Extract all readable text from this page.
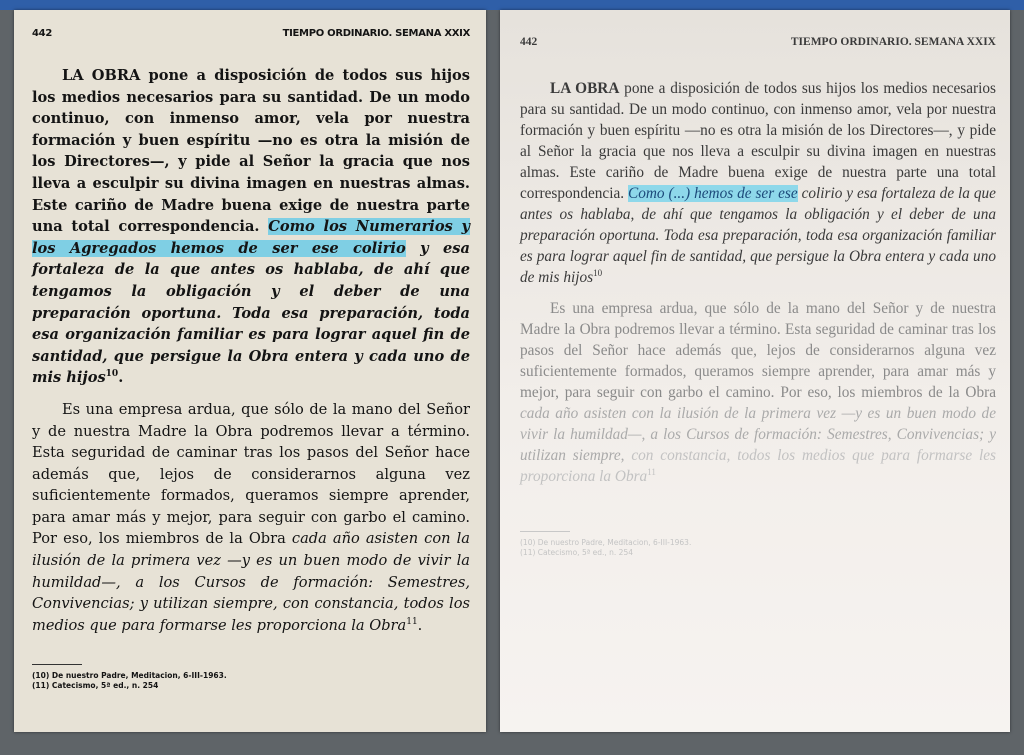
442	TIEMPO ORDINARIO. SEMANA XXIX

LA OBRA pone a disposición de todos sus hijos los medios necesarios para su santidad. De un modo continuo, con inmenso amor, vela por nuestra formación y buen espíritu —no es otra la misión de los Directores—, y pide al Señor la gracia que nos lleva a esculpir su divina imagen en nuestras almas. Este cariño de Madre buena exige de nuestra parte una total correspondencia. Como los Numerarios y los Agregados hemos de ser ese colirio y esa fortaleza de la que antes os hablaba, de ahí que tengamos la obligación y el deber de una preparación oportuna. Toda esa preparación, toda esa organización familiar es para lograr aquel fin de santidad, que persigue la Obra entera y cada uno de mis hijos$^{10}$.

Es una empresa ardua, que sólo de la mano del Señor y de nuestra Madre la Obra podremos llevar a término. Esta seguridad de caminar tras los pasos del Señor hace además que, lejos de considerarnos alguna vez suficientemente formados, queramos siempre aprender, para amar más y mejor, para seguir con garbo el camino. Por eso, los miembros de la Obra cada año asisten con la ilusión de la primera vez —y es un buen modo de vivir la humildad—, a los Cursos de formación: Semestres, Convivencias; y utilizan siempre, con constancia, todos los medios que para formarse les proporciona la Obra$^{11}$.

(10) De nuestro Padre, Meditacion, 6-III-1963.
(11) Catecismo, 5ª ed., n. 254
442	TIEMPO ORDINARIO. SEMANA XXIX

LA OBRA pone a disposición de todos sus hijos los medios necesarios para su santidad. De un modo continuo, con inmenso amor, vela por nuestra formación y buen espíritu —no es otra la misión de los Directores—, y pide al Señor la gracia que nos lleva a esculpir su divina imagen en nuestras almas. Este cariño de Madre buena exige de nuestra parte una total correspondencia. Como (...) hemos de ser ese colirio y esa fortaleza de la que antes os hablaba, de ahí que tengamos la obligación y el deber de una preparación oportuna. Toda esa preparación, toda esa organización familiar es para lograr aquel fin de santidad, que persigue la Obra entera y cada uno de mis hijos$^{10}$

Es una empresa ardua, que sólo de la mano del Señor y de nuestra Madre la Obra podremos llevar a término. Esta seguridad de caminar tras los pasos del Señor hace además que, lejos de considerarnos alguna vez suficientemente formados, queramos siempre aprender, para amar más y mejor, para seguir con garbo el camino. Por eso, los miembros de la Obra cada año asisten con la ilusión de la primera vez —y es un buen modo de vivir la humildad—, a los Cursos de formación: Semestres, Convivencias; y utilizan siempre, con constancia, todos los medios que para formarse les proporciona la Obra$^{11}$

(10) De nuestro Padre, Meditacion, 6-III-1963.
(11) Catecismo, 5ª ed., n. 254
